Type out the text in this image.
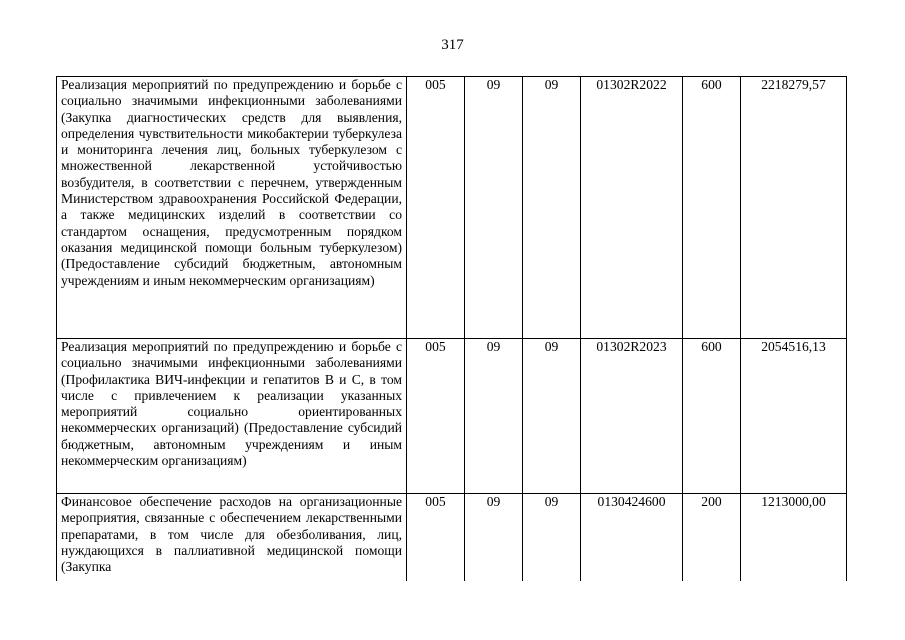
317
Реализация мероприятий по предупреждению и борьбе с социально значимыми инфекционными заболеваниями (Закупка диагностических средств для выявления, определения чувствительности микобактерии туберкулеза и мониторинга лечения лиц, больных туберкулезом с множественной лекарственной устойчивостью возбудителя, в соответствии с перечнем, утвержденным Министерством здравоохранения Российской Федерации, а также медицинских изделий в соответствии со стандартом оснащения, предусмотренным порядком оказания медицинской помощи больным туберкулезом) (Предоставление субсидий бюджетным, автономным учреждениям и иным некоммерческим организациям)	005	09	09	01302R2022	600	2218279,57
Реализация мероприятий по предупреждению и борьбе с социально значимыми инфекционными заболеваниями (Профилактика ВИЧ-инфекции и гепатитов В и С, в том числе с привлечением к реализации указанных мероприятий социально ориентированных некоммерческих организаций) (Предоставление субсидий бюджетным, автономным учреждениям и иным некоммерческим организациям)	005	09	09	01302R2023	600	2054516,13
Финансовое обеспечение расходов на организационные мероприятия, связанные с обеспечением лекарственными препаратами, в том числе для обезболивания, лиц, нуждающихся в паллиативной медицинской помощи (Закупка	005	09	09	0130424600	200	1213000,00
